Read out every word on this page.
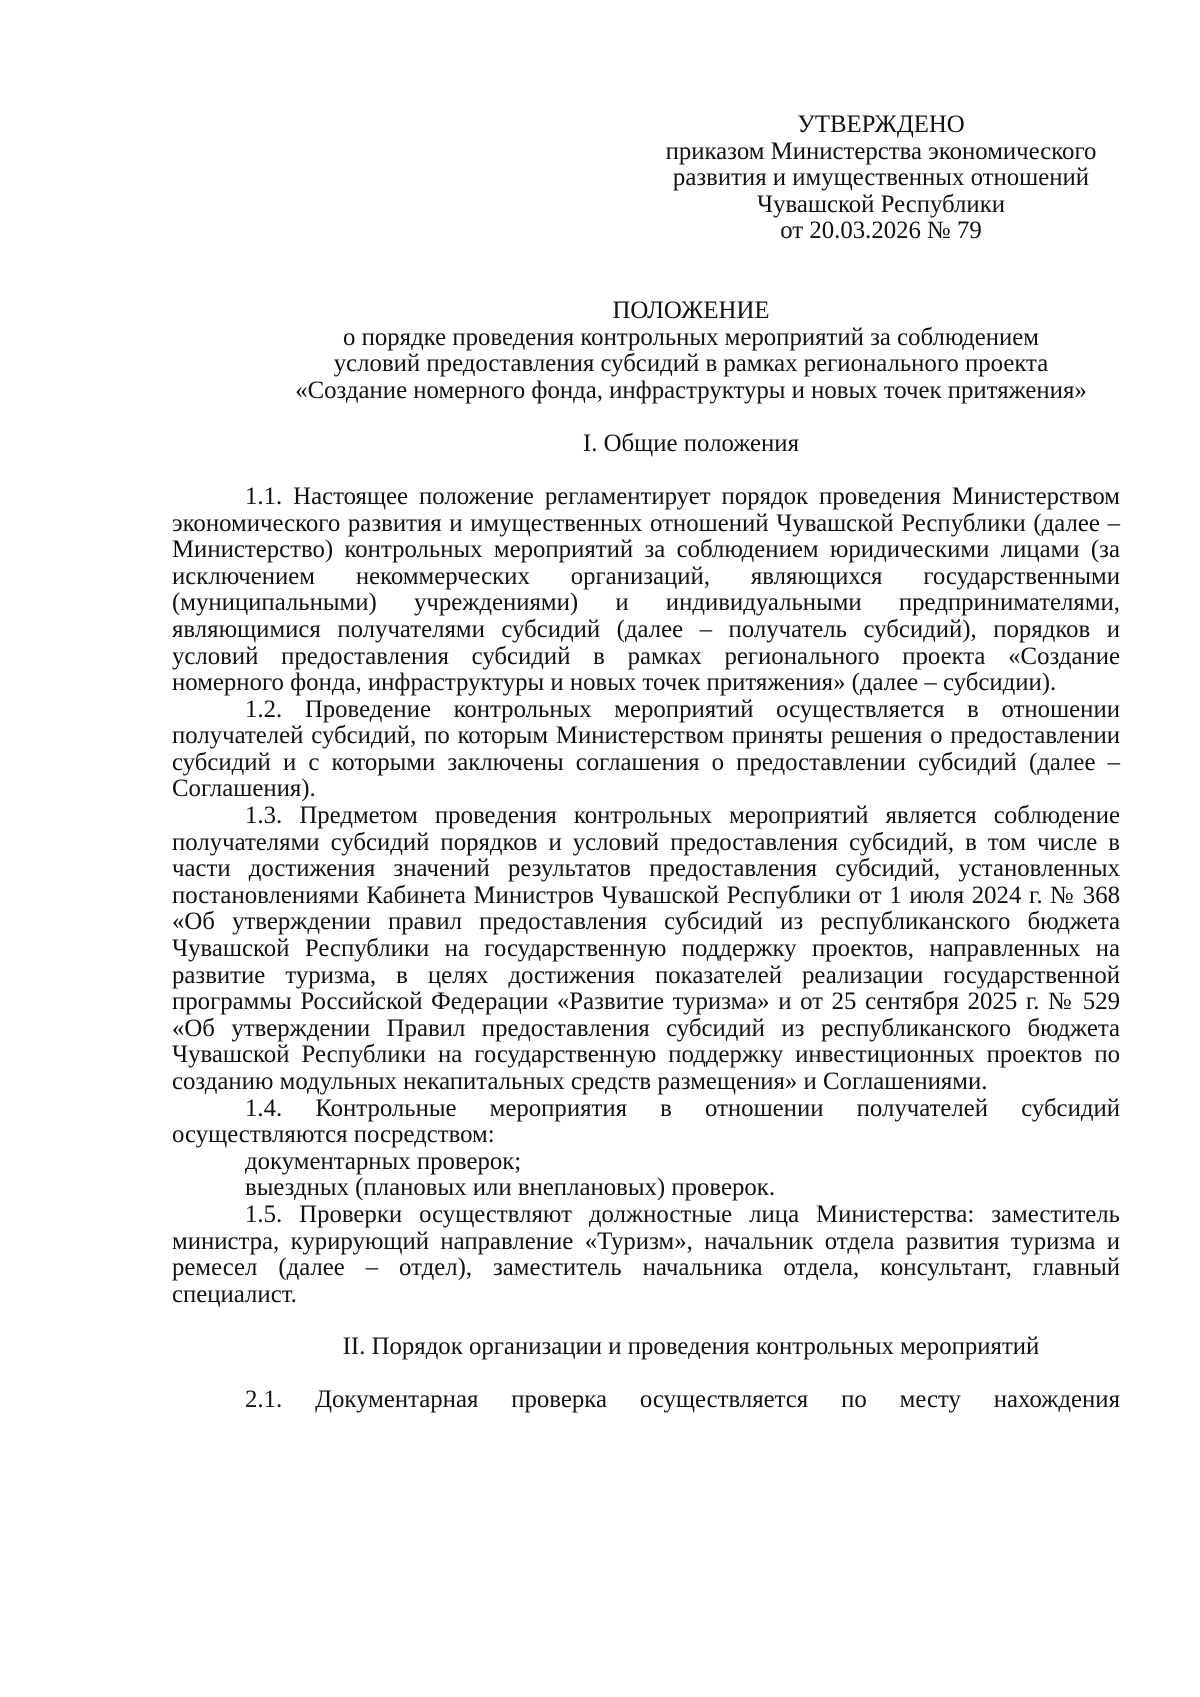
УТВЕРЖДЕНО
приказом Министерства экономического
развития и имущественных отношений
Чувашской Республики
от 20.03.2026 № 79
ПОЛОЖЕНИЕ
о порядке проведения контрольных мероприятий за соблюдением
условий предоставления субсидий в рамках регионального проекта
«Создание номерного фонда, инфраструктуры и новых точек притяжения»
I. Общие положения

1.1. Настоящее положение регламентирует порядок проведения Министерством экономического развития и имущественных отношений Чувашской Республики (далее – Министерство) контрольных мероприятий за соблюдением юридическими лицами (за исключением некоммерческих организаций, являющихся государственными (муниципальными) учреждениями) и индивидуальными предпринимателями, являющимися получателями субсидий (далее – получатель субсидий), порядков и условий предоставления субсидий в рамках регионального проекта «Создание номерного фонда, инфраструктуры и новых точек притяжения» (далее – субсидии).

1.2. Проведение контрольных мероприятий осуществляется в отношении получателей субсидий, по которым Министерством приняты решения о предоставлении субсидий и с которыми заключены соглашения о предоставлении субсидий (далее – Соглашения).

1.3. Предметом проведения контрольных мероприятий является соблюдение получателями субсидий порядков и условий предоставления субсидий, в том числе в части достижения значений результатов предоставления субсидий, установленных постановлениями Кабинета Министров Чувашской Республики от 1 июля 2024 г. № 368 «Об утверждении правил предоставления субсидий из республиканского бюджета Чувашской Республики на государственную поддержку проектов, направленных на развитие туризма, в целях достижения показателей реализации государственной программы Российской Федерации «Развитие туризма» и от 25 сентября 2025 г. № 529 «Об утверждении Правил предоставления субсидий из республиканского бюджета Чувашской Республики на государственную поддержку инвестиционных проектов по созданию модульных некапитальных средств размещения» и Соглашениями.

1.4. Контрольные мероприятия в отношении получателей субсидий осуществляются посредством:

документарных проверок;

выездных (плановых или внеплановых) проверок.

1.5. Проверки осуществляют должностные лица Министерства: заместитель министра, курирующий направление «Туризм», начальник отдела развития туризма и ремесел (далее – отдел), заместитель начальника отдела, консультант, главный специалист.

II. Порядок организации и проведения контрольных мероприятий

2.1. Документарная проверка осуществляется по месту нахождения
